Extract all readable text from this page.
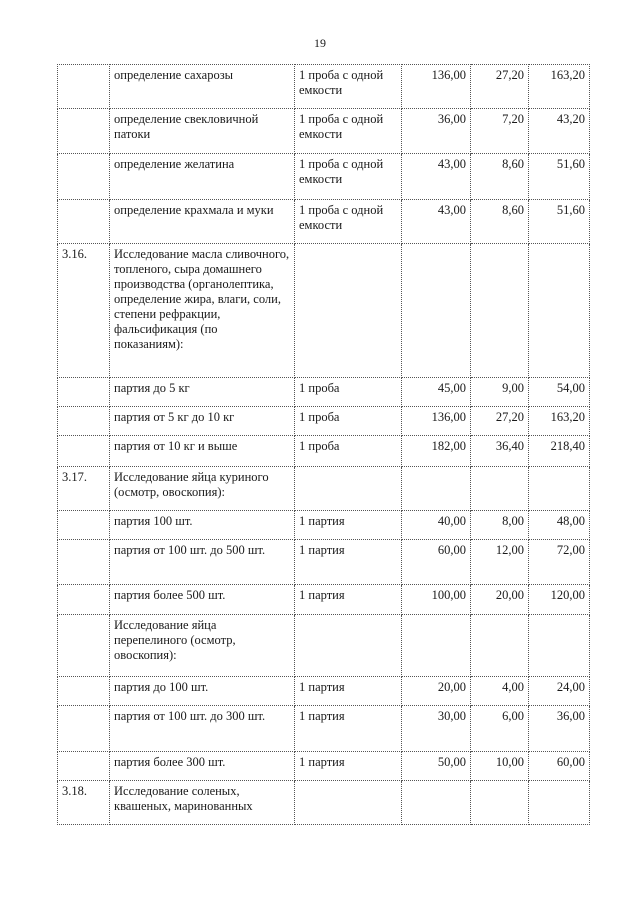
19
	определение сахарозы	1 проба с одной емкости	136,00	27,20	163,20
	определение свекловичной патоки	1 проба с одной емкости	36,00	7,20	43,20
	определение желатина	1 проба с одной емкости	43,00	8,60	51,60
	определение крахмала и муки	1 проба с одной емкости	43,00	8,60	51,60
3.16.	Исследование масла сливочного, топленого, сыра домашнего производства (органолептика, определение жира, влаги, соли, степени рефракции, фальсификация (по показаниям):				
	партия до 5 кг	1 проба	45,00	9,00	54,00
	партия от 5 кг до 10 кг	1 проба	136,00	27,20	163,20
	партия от 10 кг и выше	1 проба	182,00	36,40	218,40
3.17.	Исследование яйца куриного (осмотр, овоскопия):				
	партия 100 шт.	1 партия	40,00	8,00	48,00
	партия от 100 шт. до 500 шт.	1 партия	60,00	12,00	72,00
	партия более 500 шт.	1 партия	100,00	20,00	120,00
	Исследование яйца перепелиного (осмотр, овоскопия):				
	партия до 100 шт.	1 партия	20,00	4,00	24,00
	партия от 100 шт. до 300 шт.	1 партия	30,00	6,00	36,00
	партия более 300 шт.	1 партия	50,00	10,00	60,00
3.18.	Исследование соленых, квашеных, маринованных				
